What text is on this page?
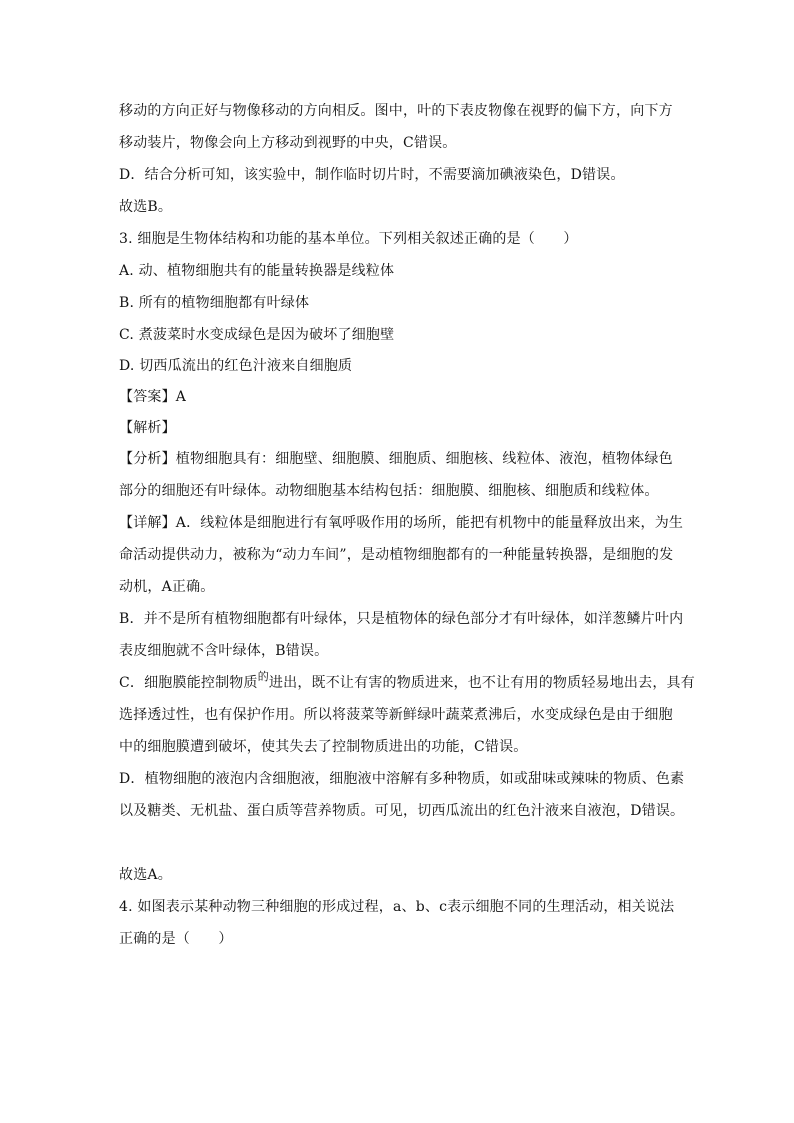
移动的方向正好与物像移动的方向相反。图中，叶的下表皮物像在视野的偏下方，向下方
移动装片，物像会向上方移动到视野的中央，C错误。
D．结合分析可知，该实验中，制作临时切片时，不需要滴加碘液染色，D错误。
故选B。
3. 细胞是生物体结构和功能的基本单位。下列相关叙述正确的是（　　）
A. 动、植物细胞共有的能量转换器是线粒体
B. 所有的植物细胞都有叶绿体
C. 煮菠菜时水变成绿色是因为破坏了细胞壁
D. 切西瓜流出的红色汁液来自细胞质
【答案】A
【解析】
【分析】植物细胞具有：细胞壁、细胞膜、细胞质、细胞核、线粒体、液泡，植物体绿色
部分的细胞还有叶绿体。动物细胞基本结构包括：细胞膜、细胞核、细胞质和线粒体。
【详解】A．线粒体是细胞进行有氧呼吸作用的场所，能把有机物中的能量释放出来，为生
命活动提供动力，被称为“动力车间”，是动植物细胞都有的一种能量转换器，是细胞的发
动机，A正确。
B．并不是所有植物细胞都有叶绿体，只是植物体的绿色部分才有叶绿体，如洋葱鳞片叶内
表皮细胞就不含叶绿体，B错误。
C．细胞膜能控制物质$^的$进出，既不让有害的物质进来，也不让有用的物质轻易地出去，具有
选择透过性，也有保护作用。所以将菠菜等新鲜绿叶蔬菜煮沸后，水变成绿色是由于细胞
中的细胞膜遭到破坏，使其失去了控制物质进出的功能，C错误。
D．植物细胞的液泡内含细胞液，细胞液中溶解有多种物质，如或甜味或辣味的物质、色素
以及糖类、无机盐、蛋白质等营养物质。可见，切西瓜流出的红色汁液来自液泡，D错误。
故选A。
4. 如图表示某种动物三种细胞的形成过程，a、b、c表示细胞不同的生理活动，相关说法
正确的是（　　）
